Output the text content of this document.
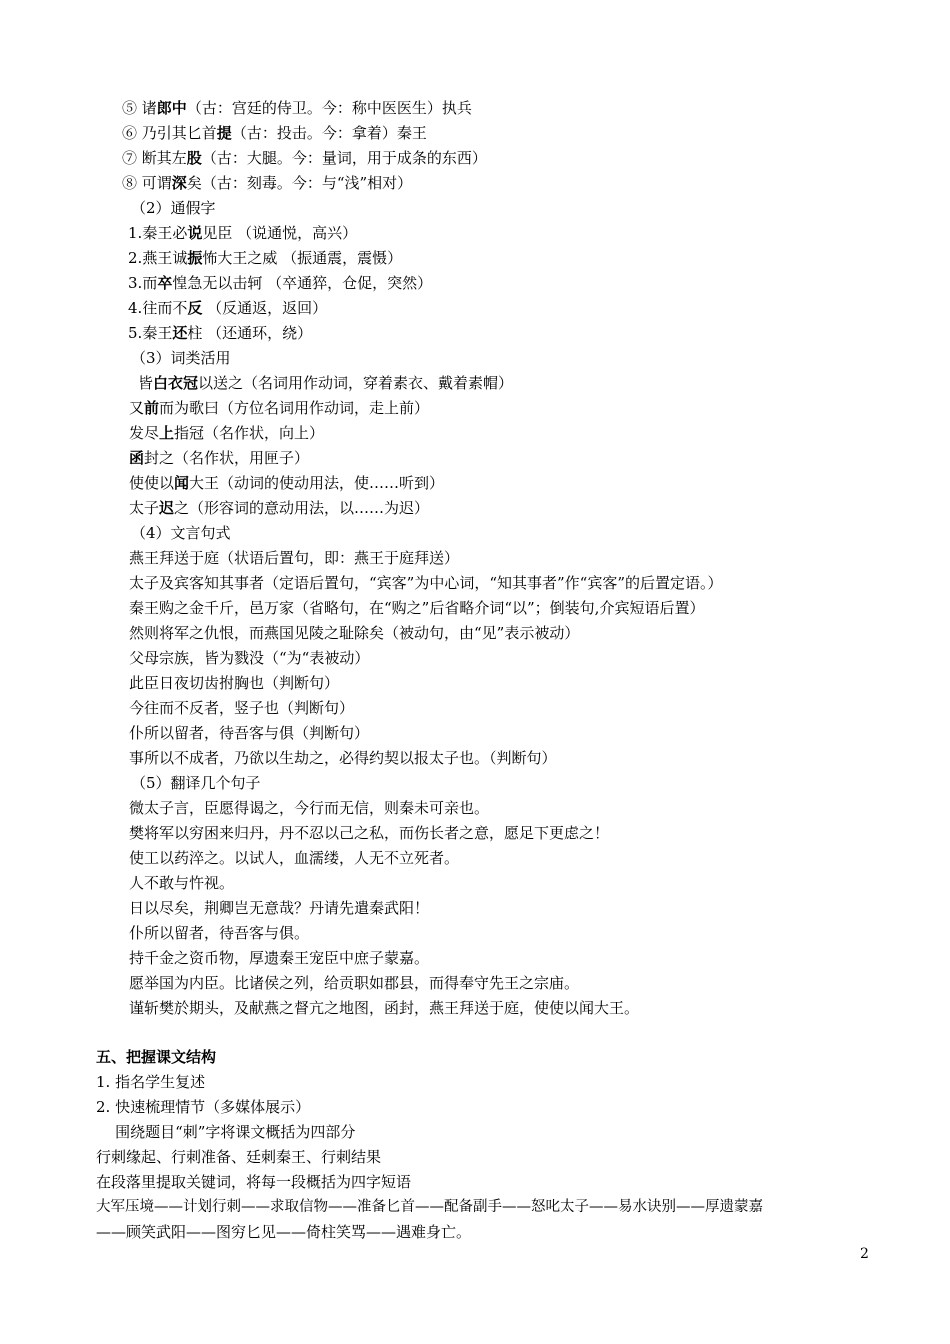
⑤ 诸郎中（古：宫廷的侍卫。今：称中医医生）执兵
⑥ 乃引其匕首提（古：投击。今：拿着）秦王
⑦ 断其左股（古：大腿。今：量词，用于成条的东西）
⑧ 可谓深矣（古：刻毒。今：与“浅”相对）
（2）通假字
1.秦王必说见臣 （说通悦，高兴）
2.燕王诚振怖大王之威 （振通震，震慑）
3.而卒惶急无以击轲 （卒通猝，仓促，突然）
4.往而不反 （反通返，返回）
5.秦王还柱 （还通环，绕）
（3）词类活用
皆白衣冠以送之（名词用作动词，穿着素衣、戴着素帽）
又前而为歌曰（方位名词用作动词，走上前）
发尽上指冠（名作状，向上）
函封之（名作状，用匣子）
使使以闻大王（动词的使动用法，使……听到）
太子迟之（形容词的意动用法，以……为迟）
（4）文言句式
燕王拜送于庭（状语后置句，即：燕王于庭拜送）
太子及宾客知其事者（定语后置句，“宾客”为中心词，“知其事者”作“宾客”的后置定语。）
秦王购之金千斤，邑万家（省略句，在“购之”后省略介词“以”；倒装句,介宾短语后置）
然则将军之仇恨，而燕国见陵之耻除矣（被动句，由“见”表示被动）
父母宗族，皆为戮没（“为“表被动）
此臣日夜切齿拊胸也（判断句）
今往而不反者，竖子也（判断句）
仆所以留者，待吾客与俱（判断句）
事所以不成者，乃欲以生劫之，必得约契以报太子也。（判断句）
（5）翻译几个句子
微太子言，臣愿得谒之，今行而无信，则秦未可亲也。
樊将军以穷困来归丹，丹不忍以己之私，而伤长者之意，愿足下更虑之！
使工以药淬之。以试人，血濡缕，人无不立死者。
人不敢与忤视。
日以尽矣，荆卿岂无意哉？丹请先遣秦武阳！
仆所以留者，待吾客与俱。
持千金之资币物，厚遗秦王宠臣中庶子蒙嘉。
愿举国为内臣。比诸侯之列，给贡职如郡县，而得奉守先王之宗庙。
谨斩樊於期头，及献燕之督亢之地图，函封，燕王拜送于庭，使使以闻大王。
五、把握课文结构
1. 指名学生复述
2. 快速梳理情节（多媒体展示）
围绕题目“刺”字将课文概括为四部分
行刺缘起、行刺准备、廷刺秦王、行刺结果
在段落里提取关键词，将每一段概括为四字短语
大军压境——计划行刺——求取信物——准备匕首——配备副手——怒叱太子——易水诀别——厚遗蒙嘉
——顾笑武阳——图穷匕见——倚柱笑骂——遇难身亡。
2
